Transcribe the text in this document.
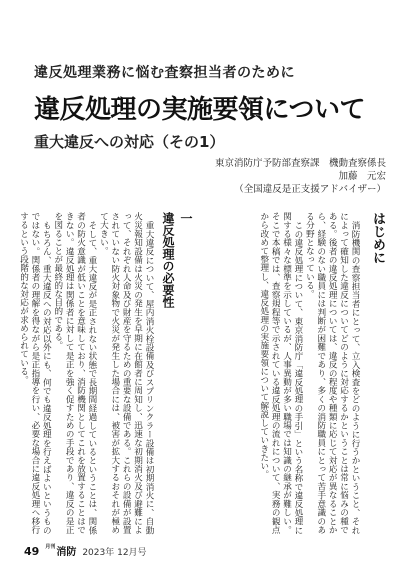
違反処理業務に悩む査察担当者のために
違反処理の実施要領について
重大違反への対応（その1）
東京消防庁予防部査察課　機動査察係長
加藤　元宏
（全国違反是正支援アドバイザー）
はじめに

消防機関の査察担当者にとって、立入検査をどのように行うかということ、それによって確知した違反についてどのように対応するかということは常に悩みの種である。後者の違反処理については、違反の程度や種類に応じて対応が異なることから、経験のない職員には判断が困難であり、多くの消防職員にとって苦手意識のある分野となっている。

この違反処理について、東京消防庁「違反処理の手引」という名称で違反処理に関する様々な標準を示しているが、人事異動が多い職場では知識の継承が難しい。そこで本稿では、査察規程等で示されている違反処理の流れについて、実務の観点から改めて整理し、違反処理の実施要領について解説していきたい。

一
違反処理の必要性

重大違反について、屋内消火栓設備及びスプリンクラー設備は初期消火に、自動火災報知設備は火災の発生を早期に在館者に周知し、迅速な初期消火及び避難によって、それぞれ人命及び財産を守るための重要な設備である。これらの設備が設置されていない防火対象物で火災が発生した場合には、被害が拡大するおそれが極めて大きい。

そして、重大違反が是正されない状態で長期間経過しているということは、関係者の防火意識が低いことを意味しており、消防機関としてこれを放置することはできない。違反処理は関係者に対して是正を強く促すための手段であり、違反の是正を図ることが最終的な目的である。

もちろん、重大違反への対応以外にも、何でも違反処理を行えばよいというものではない。関係者の理解を得ながら是正指導を行い、必要な場合に違反処理へ移行するという段階的な対応が求められている。

49 $^{月刊}$消防 2023年 12月号
